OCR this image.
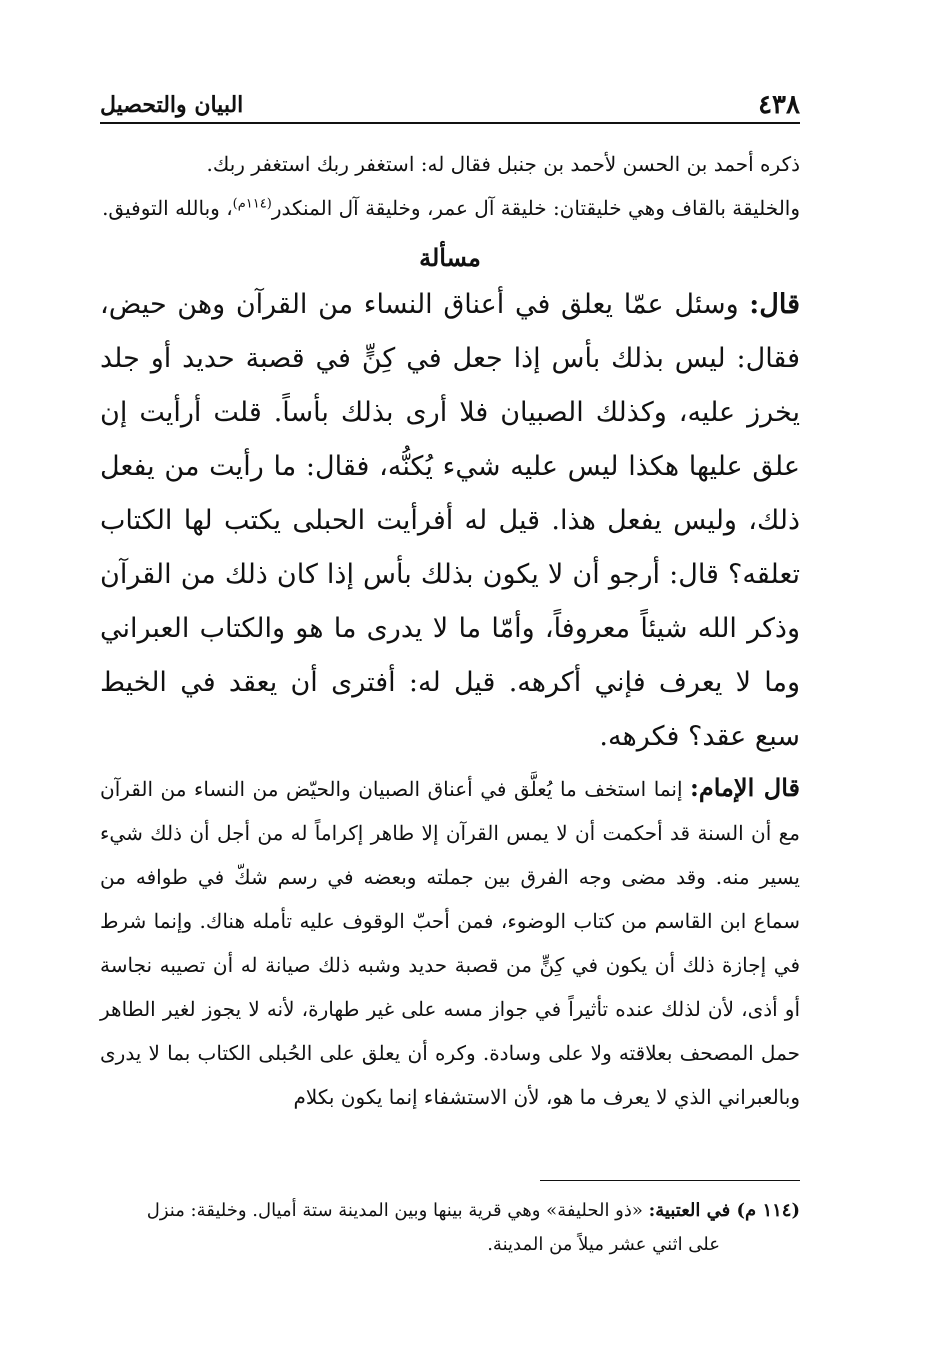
٤٣٨
البيان والتحصيل

ذكره أحمد بن الحسن لأحمد بن جنبل فقال له: استغفر ربك استغفر ربك.

والخليقة بالقاف وهي خليقتان: خليقة آل عمر، وخليقة آل المنكدر$^{(١١٤م)}$، وبالله التوفيق.

مسألة

قال: وسئل عمّا يعلق في أعناق النساء من القرآن وهن حيض، فقال: ليس بذلك بأس إذا جعل في كِنٍّ في قصبة حديد أو جلد يخرز عليه، وكذلك الصبيان فلا أرى بذلك بأساً. قلت أرأيت إن علق عليها هكذا ليس عليه شيء يُكنُّه، فقال: ما رأيت من يفعل ذلك، وليس يفعل هذا. قيل له أفرأيت الحبلى يكتب لها الكتاب تعلقه؟ قال: أرجو أن لا يكون بذلك بأس إذا كان ذلك من القرآن وذكر الله شيئاً معروفاً، وأمّا ما لا يدرى ما هو والكتاب العبراني وما لا يعرف فإني أكرهه. قيل له: أفترى أن يعقد في الخيط سبع عقد؟ فكرهه.

قال الإمام: إنما استخف ما يُعلَّق في أعناق الصبيان والحيّض من النساء من القرآن مع أن السنة قد أحكمت أن لا يمس القرآن إلا طاهر إكراماً له من أجل أن ذلك شيء يسير منه. وقد مضى وجه الفرق بين جملته وبعضه في رسم شكّ في طوافه من سماع ابن القاسم من كتاب الوضوء، فمن أحبّ الوقوف عليه تأمله هناك. وإنما شرط في إجازة ذلك أن يكون في كِنٍّ من قصبة حديد وشبه ذلك صيانة له أن تصيبه نجاسة أو أذى، لأن لذلك عنده تأثيراً في جواز مسه على غير طهارة، لأنه لا يجوز لغير الطاهر حمل المصحف بعلاقته ولا على وسادة. وكره أن يعلق على الحُبلى الكتاب بما لا يدرى وبالعبراني الذي لا يعرف ما هو، لأن الاستشفاء إنما يكون بكلام

(١١٤ م) في العتبية: «ذو الحليفة» وهي قرية بينها وبين المدينة ستة أميال. وخليقة: منزل
على اثني عشر ميلاً من المدينة.
